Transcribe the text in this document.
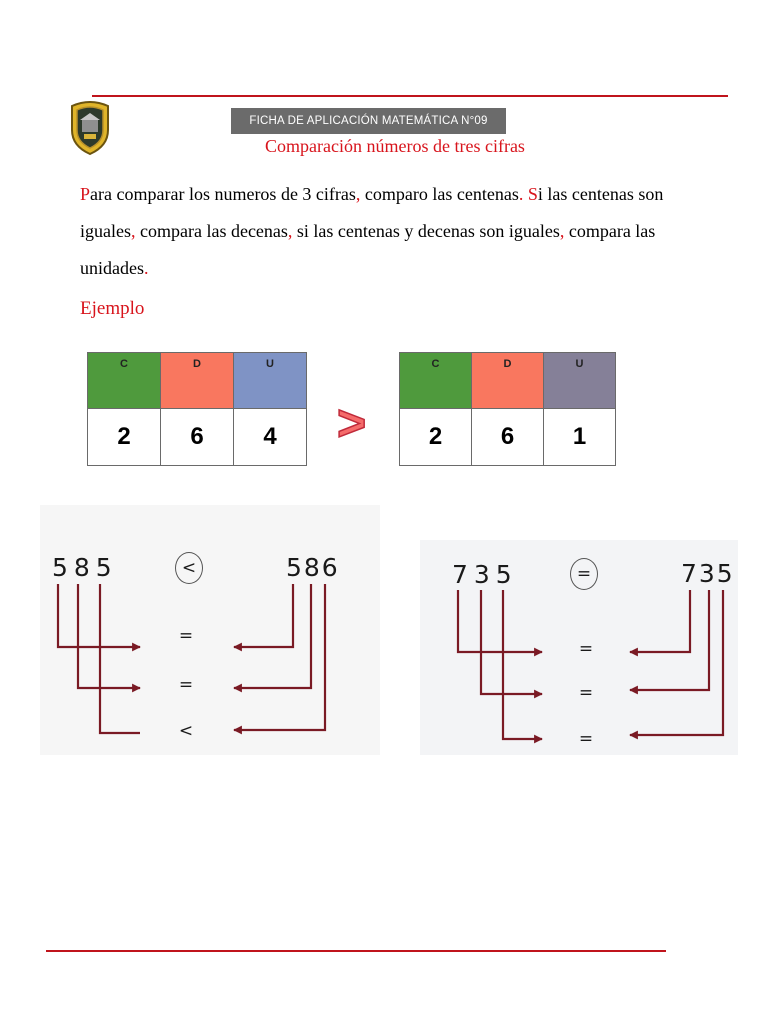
FICHA DE APLICACIÓN MATEMÁTICA N°09
Comparación números de tres cifras
Para comparar los numeros de 3 cifras, comparo las centenas. Si las centenas son iguales, compara las decenas, si las centenas y decenas son iguales, compara las unidades.
Ejemplo
C	D	U
2	6	4 >
C	D	U
2	6	1
585	<	586
=
=
<
735	=	735
=
=
=
